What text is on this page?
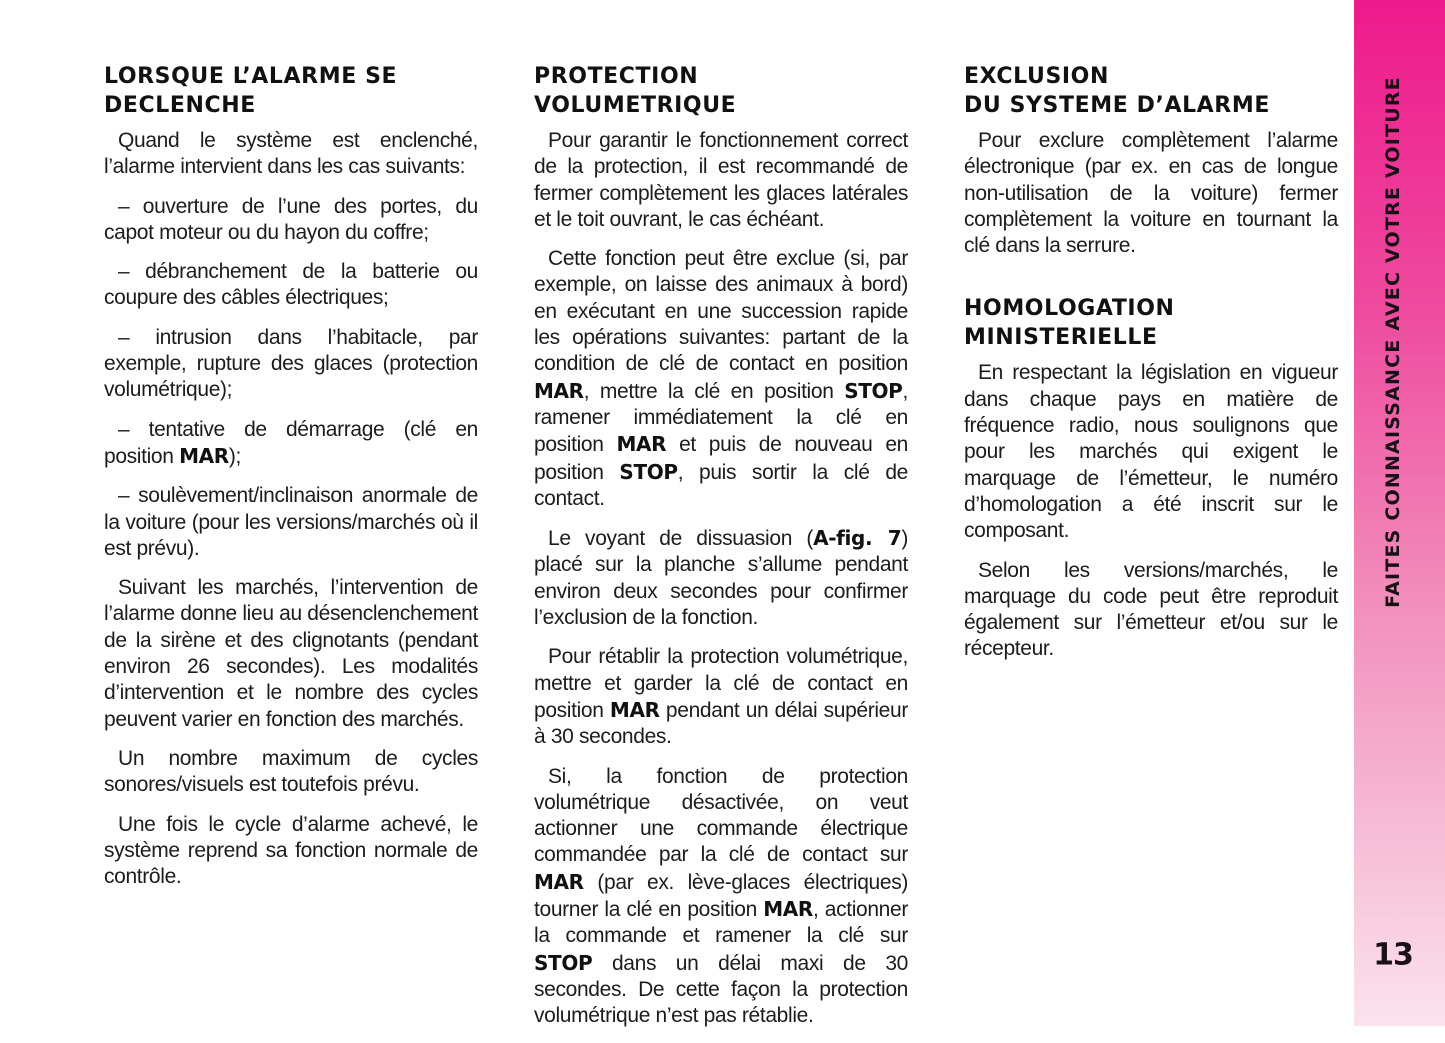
LORSQUE L’ALARME SE
DECLENCHE

Quand le système est enclenché, l’alarme intervient dans les cas suivants:

– ouverture de l’une des portes, du capot moteur ou du hayon du coffre;

– débranchement de la batterie ou coupure des câbles électriques;

– intrusion dans l’habitacle, par exemple, rupture des glaces (protection volumétrique);

– tentative de démarrage (clé en position MAR);

– soulèvement/inclinaison anormale de la voiture (pour les versions/marchés où il est prévu).

Suivant les marchés, l’intervention de l’alarme donne lieu au désenclenchement de la sirène et des clignotants (pendant environ 26 secondes). Les modalités d’intervention et le nombre des cycles peuvent varier en fonction des marchés.

Un nombre maximum de cycles sonores/visuels est toutefois prévu.

Une fois le cycle d’alarme achevé, le système reprend sa fonction normale de contrôle.

PROTECTION VOLUMETRIQUE

Pour garantir le fonctionnement correct de la protection, il est recommandé de fermer complètement les glaces latérales et le toit ouvrant, le cas échéant.

Cette fonction peut être exclue (si, par exemple, on laisse des animaux à bord) en exécutant en une succession rapide les opérations suivantes: partant de la condition de clé de contact en position MAR, mettre la clé en position STOP, ramener immédiatement la clé en position MAR et puis de nouveau en position STOP, puis sortir la clé de contact.

Le voyant de dissuasion (A-fig. 7) placé sur la planche s’allume pendant environ deux secondes pour confirmer l’exclusion de la fonction.

Pour rétablir la protection volumétrique, mettre et garder la clé de contact en position MAR pendant un délai supérieur à 30 secondes.

Si, la fonction de protection volumétrique désactivée, on veut actionner une commande électrique commandée par la clé de contact sur MAR (par ex. lève-glaces électriques) tourner la clé en position MAR, actionner la commande et ramener la clé sur STOP dans un délai maxi de 30 secondes. De cette façon la protection volumétrique n’est pas rétablie.

EXCLUSION
DU SYSTEME D’ALARME

Pour exclure complètement l’alarme électronique (par ex. en cas de longue non-utilisation de la voiture) fermer complètement la voiture en tournant la clé dans la serrure.

HOMOLOGATION
MINISTERIELLE

En respectant la législation en vigueur dans chaque pays en matière de fréquence radio, nous soulignons que pour les marchés qui exigent le marquage de l’émetteur, le numéro d’homologation a été inscrit sur le composant.

Selon les versions/marchés, le marquage du code peut être reproduit également sur l’émetteur et/ou sur le récepteur.

FAITES CONNAISSANCE AVEC VOTRE VOITURE
13
